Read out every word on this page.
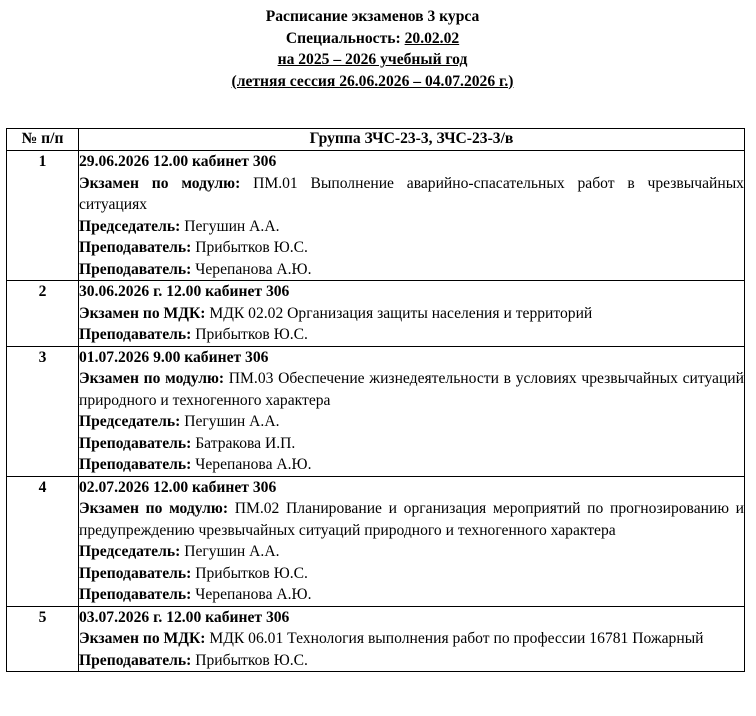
Расписание экзаменов 3 курса
Специальность: 20.02.02
на 2025 – 2026 учебный год
(летняя сессия 26.06.2026 – 04.07.2026 г.)
№ п/п	Группа ЗЧС-23-3, ЗЧС-23-3/в
1	29.06.2026 12.00 кабинет 306
Экзамен по модулю: ПМ.01 Выполнение аварийно-спасательных работ в чрезвычайных ситуациях
Председатель: Пегушин А.А.
Преподаватель: Прибытков Ю.С.
Преподаватель: Черепанова А.Ю.

2	30.06.2026 г. 12.00 кабинет 306
Экзамен по МДК: МДК 02.02 Организация защиты населения и территорий
Преподаватель: Прибытков Ю.С.

3	01.07.2026 9.00 кабинет 306
Экзамен по модулю: ПМ.03 Обеспечение жизнедеятельности в условиях чрезвычайных ситуаций природного и техногенного характера
Председатель: Пегушин А.А.
Преподаватель: Батракова И.П.
Преподаватель: Черепанова А.Ю.

4	02.07.2026 12.00 кабинет 306
Экзамен по модулю: ПМ.02 Планирование и организация мероприятий по прогнозированию и предупреждению чрезвычайных ситуаций природного и техногенного характера
Председатель: Пегушин А.А.
Преподаватель: Прибытков Ю.С.
Преподаватель: Черепанова А.Ю.

5	03.07.2026 г. 12.00 кабинет 306
Экзамен по МДК: МДК 06.01 Технология выполнения работ по профессии 16781 Пожарный
Преподаватель: Прибытков Ю.С.
